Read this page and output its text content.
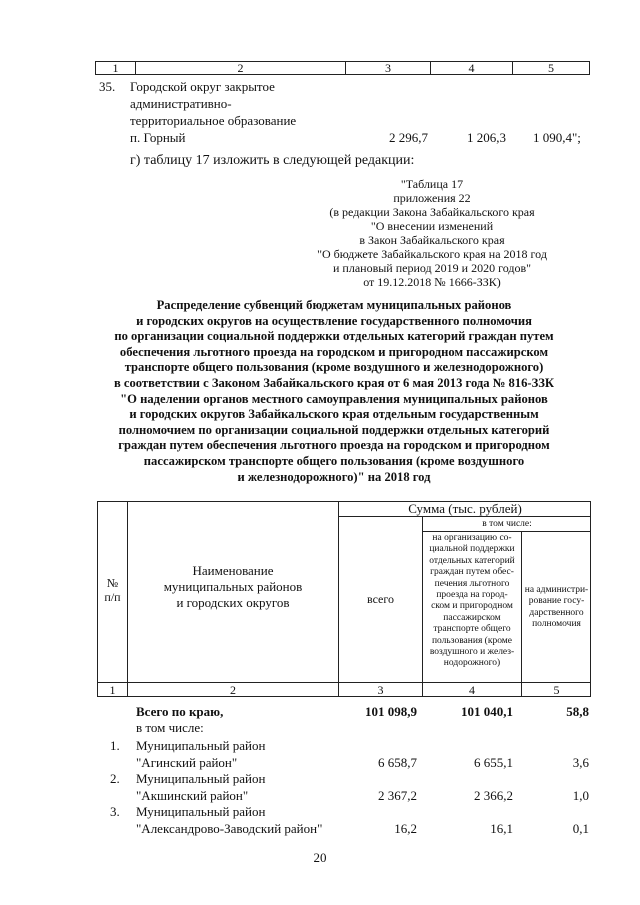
1	2	3	4	5
35. Городской округ закрытое
административно-
территориальное образование
п. Горный	2 296,7	1 206,3 1 090,4";
г) таблицу 17 изложить в следующей редакции:
"Таблица 17
приложения 22
(в редакции Закона Забайкальского края
"О внесении изменений
в Закон Забайкальского края
"О бюджете Забайкальского края на 2018 год
и плановый период 2019 и 2020 годов"
от 19.12.2018 № 1666-ЗЗК)
Распределение субвенций бюджетам муниципальных районов
и городских округов на осуществление государственного полномочия
по организации социальной поддержки отдельных категорий граждан путем
обеспечения льготного проезда на городском и пригородном пассажирском
транспорте общего пользования (кроме воздушного и железнодорожного)
в соответствии с Законом Забайкальского края от 6 мая 2013 года № 816-ЗЗК
"О наделении органов местного самоуправления муниципальных районов
и городских округов Забайкальского края отдельным государственным
полномочием по организации социальной поддержки отдельных категорий
граждан путем обеспечения льготного проезда на городском и пригородном
пассажирском транспорте общего пользования (кроме воздушного
и железнодорожного)" на 2018 год
№
п/п
Наименование
муниципальных районов
и городских округов
Сумма (тыс. рублей)
в том числе:
всего
на организацию со-
циальной поддержки
отдельных категорий
граждан путем обес-
печения льготного
проезда на город-
ском и пригородном
пассажирском
транспорте общего
пользования (кроме
воздушного и желез-
нодорожного)
на администри-
рование госу-
дарственного
полномочия
1	2	3	4	5
Всего по краю,	101 098,9	101 040,1	58,8
в том числе:
1. Муниципальный район
"Агинский район"	6 658,7	6 655,1	3,6
2. Муниципальный район
"Акшинский район"	2 367,2	2 366,2	1,0
3. Муниципальный район
"Александрово-Заводский район"	16,2	16,1	0,1
20
